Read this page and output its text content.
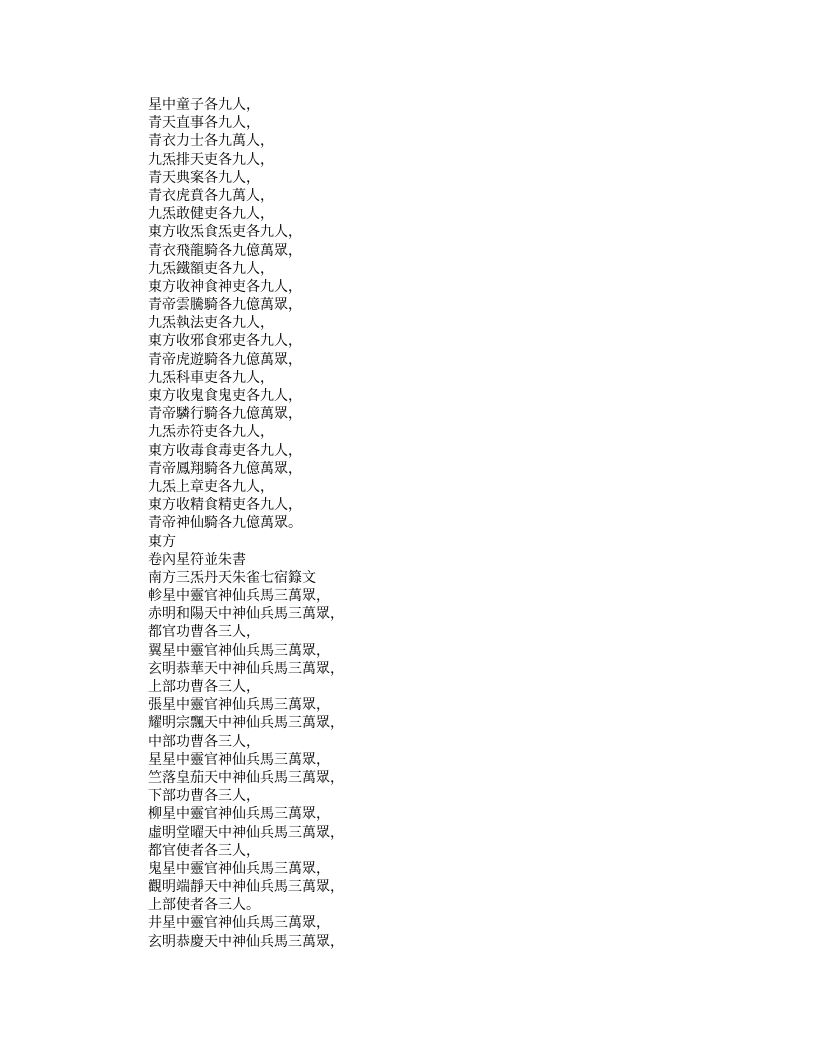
星中童子各九人，
青天直事各九人，
青衣力士各九萬人，
九炁排天吏各九人，
青天典案各九人，
青衣虎賁各九萬人，
九炁敢健吏各九人，
東方收炁食炁吏各九人，
青衣飛龍騎各九億萬眾，
九炁鐵額吏各九人，
東方收神食神吏各九人，
青帝雲騰騎各九億萬眾，
九炁執法吏各九人，
東方收邪食邪吏各九人，
青帝虎遊騎各九億萬眾，
九炁科車吏各九人，
東方收鬼食鬼吏各九人，
青帝驎行騎各九億萬眾，
九炁赤符吏各九人，
東方收毒食毒吏各九人，
青帝鳳翔騎各九億萬眾，
九炁上章吏各九人，
東方收精食精吏各九人，
青帝神仙騎各九億萬眾。
東方
卷內星符並朱書
南方三炁丹天朱雀七宿籙文
軫星中靈官神仙兵馬三萬眾，
赤明和陽天中神仙兵馬三萬眾，
都官功曹各三人，
翼星中靈官神仙兵馬三萬眾，
玄明恭華天中神仙兵馬三萬眾，
上部功曹各三人，
張星中靈官神仙兵馬三萬眾，
耀明宗飄天中神仙兵馬三萬眾，
中部功曹各三人，
星星中靈官神仙兵馬三萬眾，
竺落皇茄天中神仙兵馬三萬眾，
下部功曹各三人，
柳星中靈官神仙兵馬三萬眾，
虛明堂曜天中神仙兵馬三萬眾，
都官使者各三人，
鬼星中靈官神仙兵馬三萬眾，
觀明端靜天中神仙兵馬三萬眾，
上部使者各三人。
井星中靈官神仙兵馬三萬眾，
玄明恭慶天中神仙兵馬三萬眾，
